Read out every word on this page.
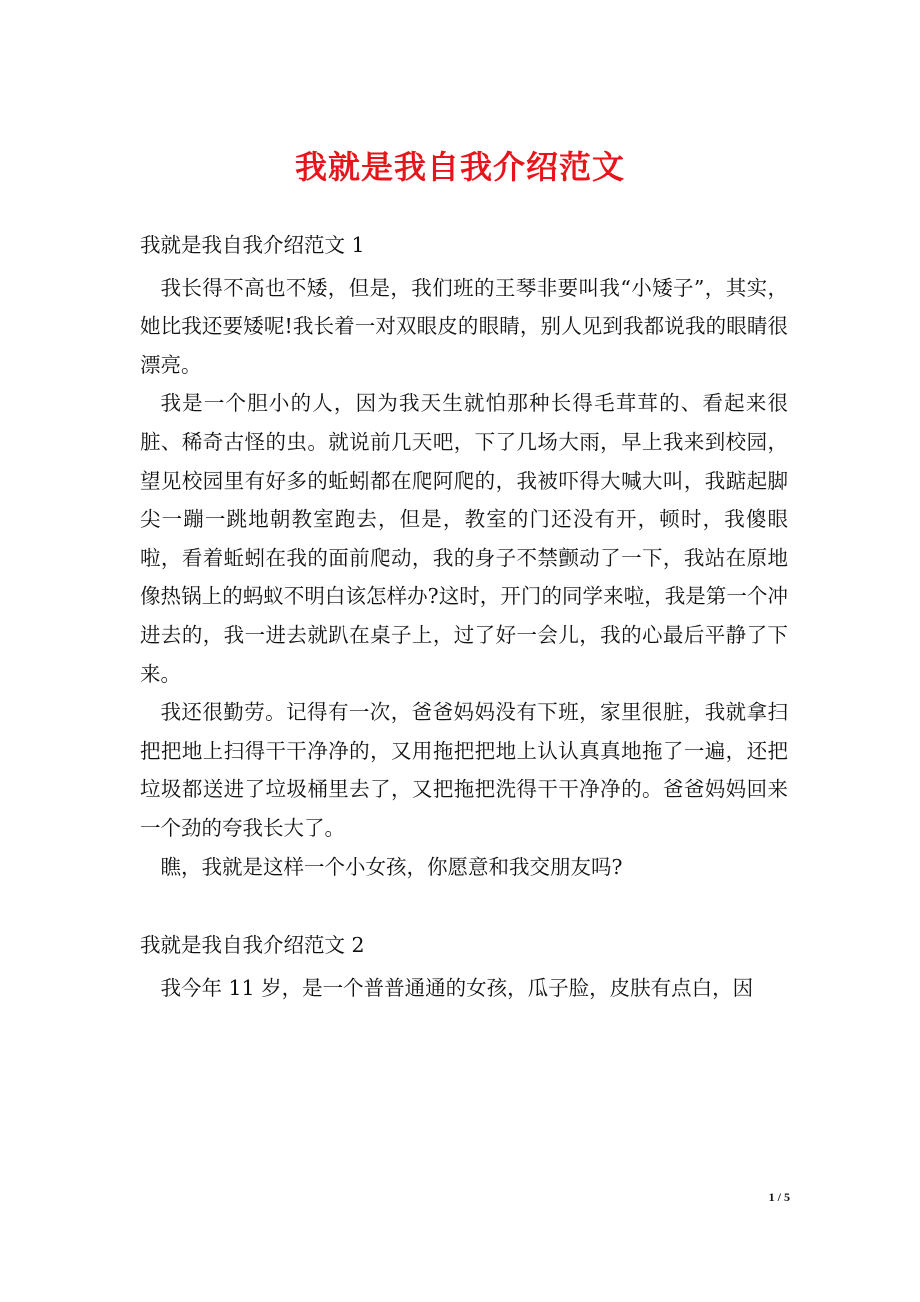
我就是我自我介绍范文
我就是我自我介绍范文 1

我长得不高也不矮，但是，我们班的王琴非要叫我“小矮子”，其实，她比我还要矮呢!我长着一对双眼皮的眼睛，别人见到我都说我的眼睛很漂亮。

我是一个胆小的人，因为我天生就怕那种长得毛茸茸的、看起来很脏、稀奇古怪的虫。就说前几天吧，下了几场大雨，早上我来到校园，望见校园里有好多的蚯蚓都在爬阿爬的，我被吓得大喊大叫，我踮起脚尖一蹦一跳地朝教室跑去，但是，教室的门还没有开，顿时，我傻眼啦，看着蚯蚓在我的面前爬动，我的身子不禁颤动了一下，我站在原地像热锅上的蚂蚁不明白该怎样办?这时，开门的同学来啦，我是第一个冲进去的，我一进去就趴在桌子上，过了好一会儿，我的心最后平静了下来。

我还很勤劳。记得有一次，爸爸妈妈没有下班，家里很脏，我就拿扫把把地上扫得干干净净的，又用拖把把地上认认真真地拖了一遍，还把垃圾都送进了垃圾桶里去了，又把拖把洗得干干净净的。爸爸妈妈回来一个劲的夸我长大了。

瞧，我就是这样一个小女孩，你愿意和我交朋友吗?

我就是我自我介绍范文 2

我今年 11 岁，是一个普普通通的女孩，瓜子脸，皮肤有点白，因

1 / 5
